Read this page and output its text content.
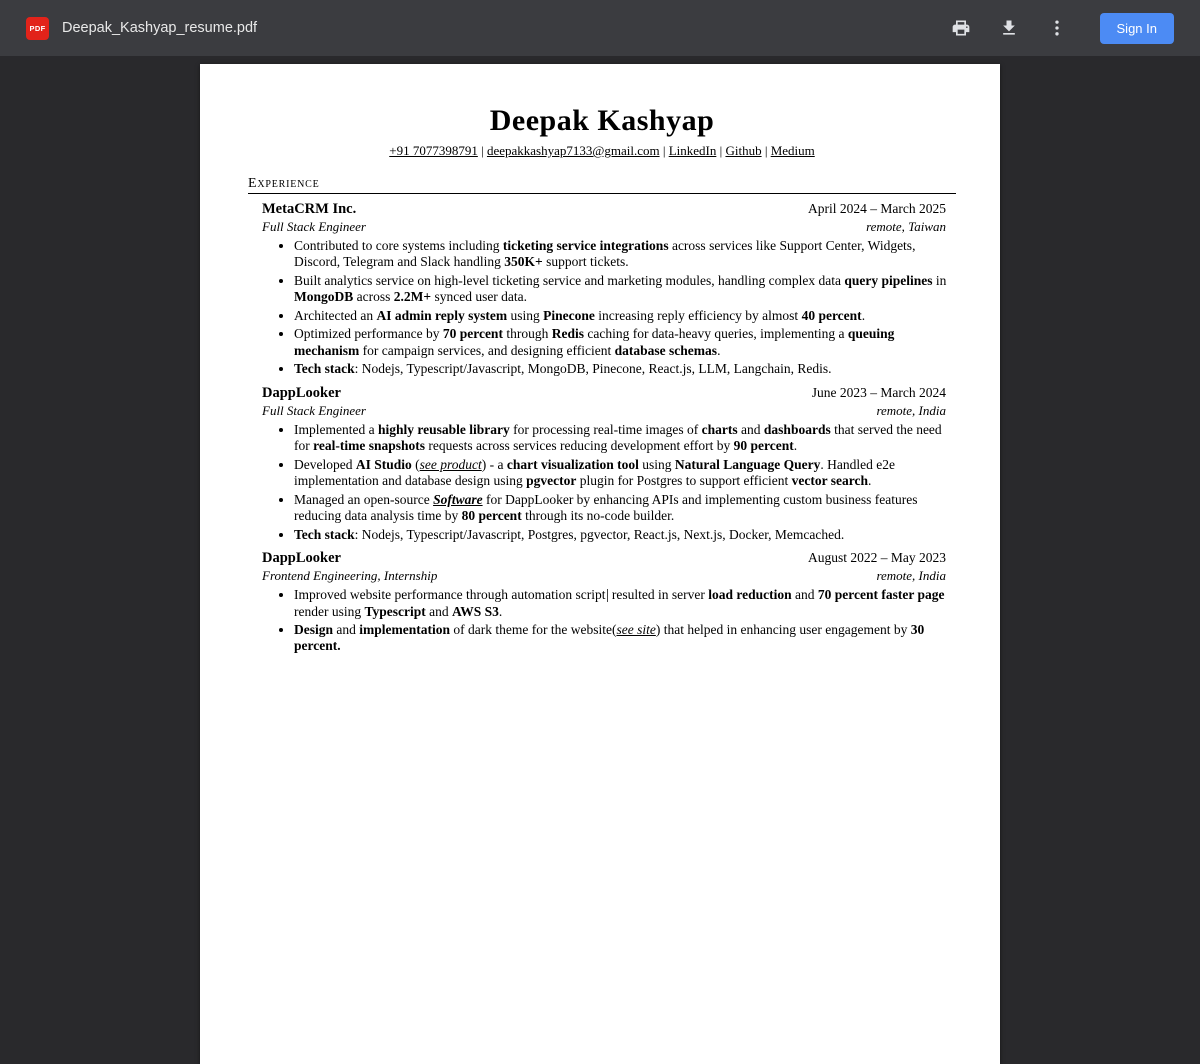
PDF Deepak_Kashyap_resume.pdf	Sign In
Deepak Kashyap
+91 7077398791 | deepakkashyap7133@gmail.com | LinkedIn | Github | Medium
Experience
MetaCRM Inc.	April 2024 – March 2025
Full Stack Engineer	remote, Taiwan
• Contributed to core systems including ticketing service integrations across services like Support Center, Widgets, Discord, Telegram and Slack handling 350K+ support tickets.
• Built analytics service on high-level ticketing service and marketing modules, handling complex data query pipelines in MongoDB across 2.2M+ synced user data.
• Architected an AI admin reply system using Pinecone increasing reply efficiency by almost 40 percent.
• Optimized performance by 70 percent through Redis caching for data-heavy queries, implementing a queuing mechanism for campaign services, and designing efficient database schemas.
• Tech stack: Nodejs, Typescript/Javascript, MongoDB, Pinecone, React.js, LLM, Langchain, Redis.
DappLooker	June 2023 – March 2024
Full Stack Engineer	remote, India
• Implemented a highly reusable library for processing real-time images of charts and dashboards that served the need for real-time snapshots requests across services reducing development effort by 90 percent.
• Developed AI Studio (see product) - a chart visualization tool using Natural Language Query. Handled e2e implementation and database design using pgvector plugin for Postgres to support efficient vector search.
• Managed an open-source Software for DappLooker by enhancing APIs and implementing custom business features reducing data analysis time by 80 percent through its no-code builder.
• Tech stack: Nodejs, Typescript/Javascript, Postgres, pgvector, React.js, Next.js, Docker, Memcached.
DappLooker	August 2022 – May 2023
Frontend Engineering, Internship	remote, India
• Improved website performance through automation script resulted in server load reduction and 70 percent faster page render using Typescript and AWS S3.
• Design and implementation of dark theme for the website(see site) that helped in enhancing user engagement by 30 percent.
